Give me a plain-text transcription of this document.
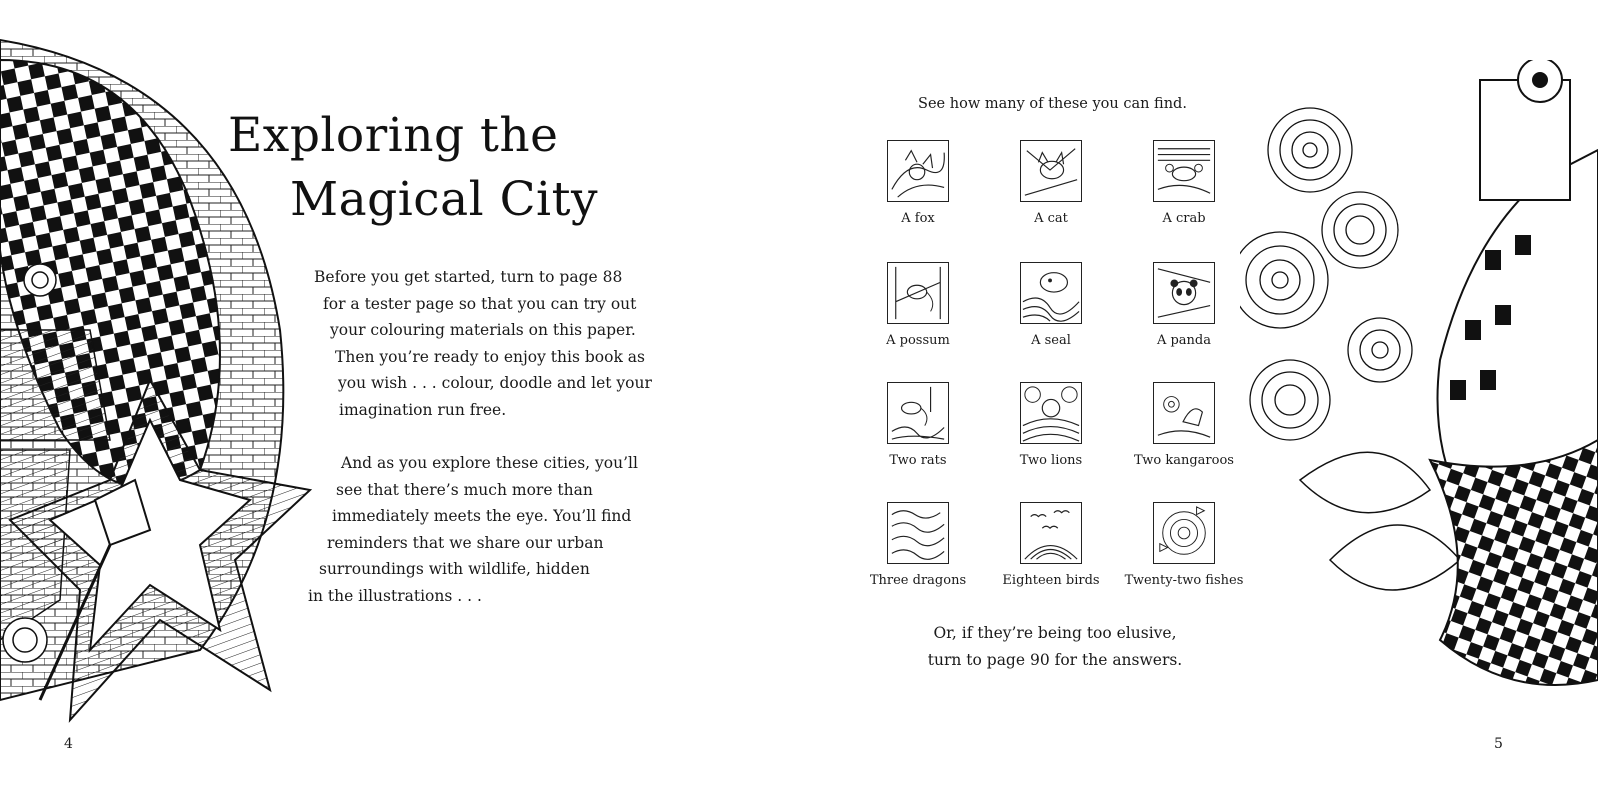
Exploring the
Magical City

Before you get started, turn to page 88
for a tester page so that you can try out
your colouring materials on this paper.
Then you’re ready to enjoy this book as
you wish . . . colour, doodle and let your
imagination run free.

And as you explore these cities, you’ll
see that there’s much more than
immediately meets the eye. You’ll find
reminders that we share our urban
surroundings with wildlife, hidden
in the illustrations . . .

4

See how many of these you can find.

A fox	A cat	A crab
A possum	A seal	A panda
Two rats	Two lions	Two kangaroos
Three dragons	Eighteen birds	Twenty-two fishes

Or, if they’re being too elusive,
turn to page 90 for the answers.

5
